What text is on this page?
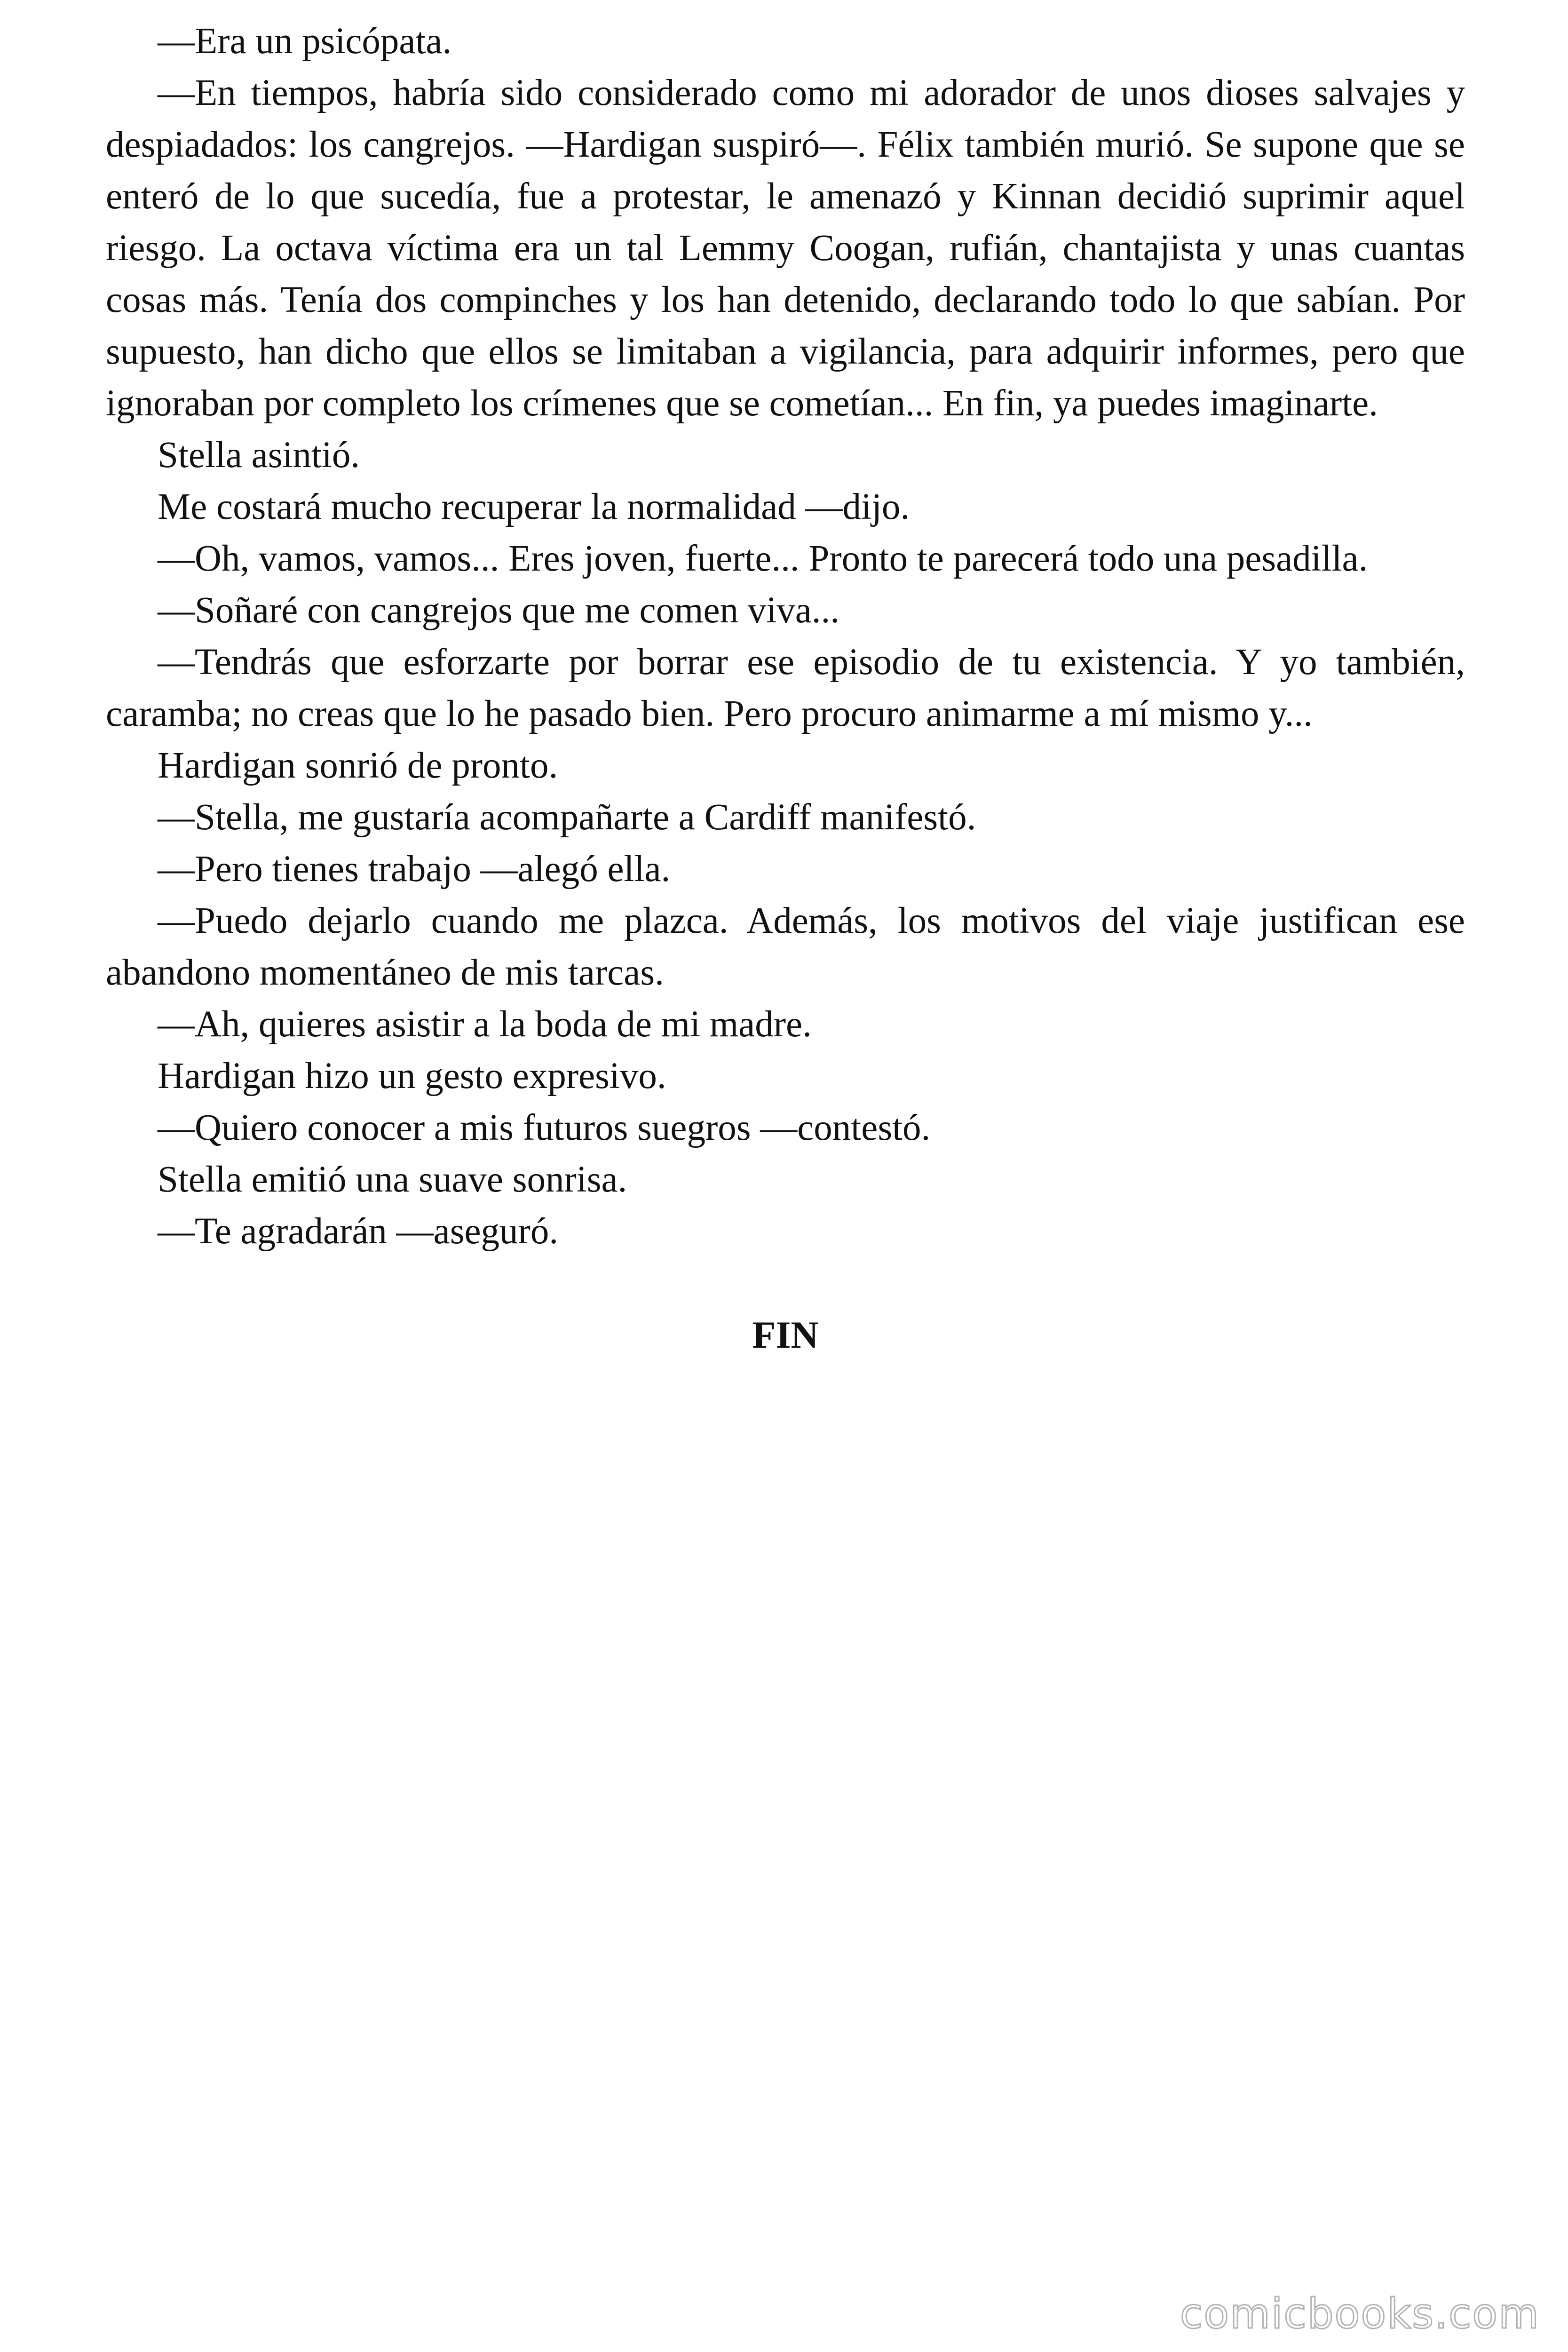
—Era un psicópata.

—En tiempos, habría sido considerado como mi adorador de unos dioses salvajes y despiadados: los cangrejos. —Hardigan suspiró—. Félix también murió. Se supone que se enteró de lo que sucedía, fue a protestar, le amenazó y Kinnan decidió suprimir aquel riesgo. La octava víctima era un tal Lemmy Coogan, rufián, chantajista y unas cuantas cosas más. Tenía dos compinches y los han detenido, declarando todo lo que sabían. Por supuesto, han dicho que ellos se limitaban a vigilancia, para adquirir informes, pero que ignoraban por completo los crímenes que se cometían... En fin, ya puedes imaginarte.

Stella asintió.

Me costará mucho recuperar la normalidad —dijo.

—Oh, vamos, vamos... Eres joven, fuerte... Pronto te parecerá todo una pesadilla.

—Soñaré con cangrejos que me comen viva...

—Tendrás que esforzarte por borrar ese episodio de tu existencia. Y yo también, caramba; no creas que lo he pasado bien. Pero procuro animarme a mí mismo y...

Hardigan sonrió de pronto.

—Stella, me gustaría acompañarte a Cardiff manifestó.

—Pero tienes trabajo —alegó ella.

—Puedo dejarlo cuando me plazca. Además, los motivos del viaje justifican ese abandono momentáneo de mis tarcas.

—Ah, quieres asistir a la boda de mi madre.

Hardigan hizo un gesto expresivo.

—Quiero conocer a mis futuros suegros —contestó.

Stella emitió una suave sonrisa.

—Te agradarán —aseguró.

FIN

comicbooks.com
